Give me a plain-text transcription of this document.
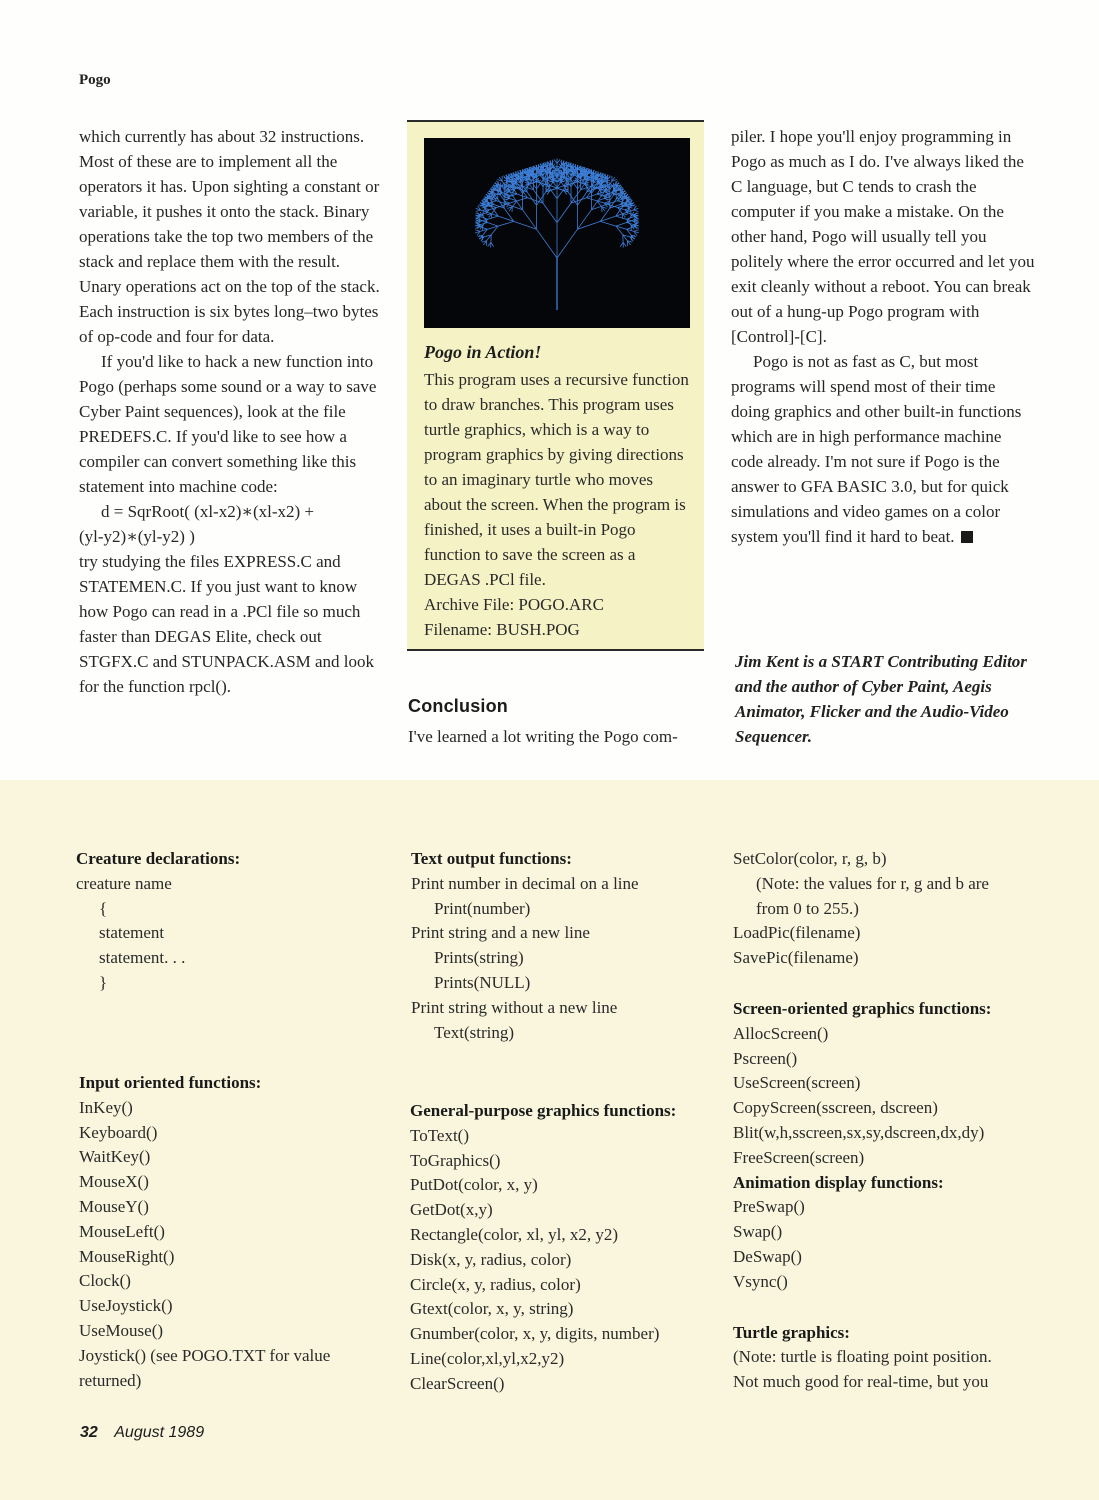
Pogo

which currently has about 32 instructions. Most of these are to implement all the operators it has. Upon sighting a constant or variable, it pushes it onto the stack. Binary operations take the top two members of the stack and replace them with the result. Unary operations act on the top of the stack. Each instruction is six bytes long–two bytes of op-code and four for data.

If you'd like to hack a new function into Pogo (perhaps some sound or a way to save Cyber Paint sequences), look at the file PREDEFS.C. If you'd like to see how a compiler can convert something like this statement into machine code:

d = SqrRoot( (xl-x2)∗(xl-x2) +

(yl-y2)∗(yl-y2) )

try studying the files EXPRESS.C and STATEMEN.C. If you just want to know how Pogo can read in a .PCl file so much faster than DEGAS Elite, check out STGFX.C and STUNPACK.ASM and look for the function rpcl().

Pogo in Action!

This program uses a recursive function to draw branches. This program uses turtle graphics, which is a way to program graphics by giving directions to an imaginary turtle who moves about the screen. When the program is finished, it uses a built-in Pogo function to save the screen as a DEGAS .PCl file.

Archive File: POGO.ARC

Filename: BUSH.POG

Conclusion
I've learned a lot writing the Pogo com-

piler. I hope you'll enjoy programming in Pogo as much as I do. I've always liked the C language, but C tends to crash the computer if you make a mistake. On the other hand, Pogo will usually tell you politely where the error occurred and let you exit cleanly without a reboot. You can break out of a hung-up Pogo program with [Control]-[C].

Pogo is not as fast as C, but most programs will spend most of their time doing graphics and other built-in functions which are in high performance machine code already. I'm not sure if Pogo is the answer to GFA BASIC 3.0, but for quick simulations and video games on a color system you'll find it hard to beat.

Jim Kent is a START Contributing Editor and the author of Cyber Paint, Aegis Animator, Flicker and the Audio-Video Sequencer.
Creature declarations:
creature name
{
statement
statement. . .
}
Input oriented functions:
InKey()
Keyboard()
WaitKey()
MouseX()
MouseY()
MouseLeft()
MouseRight()
Clock()
UseJoystick()
UseMouse()
Joystick() (see POGO.TXT for value
returned)
Text output functions:
Print number in decimal on a line
Print(number)
Print string and a new line
Prints(string)
Prints(NULL)
Print string without a new line
Text(string)
General-purpose graphics functions:
ToText()
ToGraphics()
PutDot(color, x, y)
GetDot(x,y)
Rectangle(color, xl, yl, x2, y2)
Disk(x, y, radius, color)
Circle(x, y, radius, color)
Gtext(color, x, y, string)
Gnumber(color, x, y, digits, number)
Line(color,xl,yl,x2,y2)
ClearScreen()
SetColor(color, r, g, b)
(Note: the values for r, g and b are
from 0 to 255.)
LoadPic(filename)
SavePic(filename)
Screen-oriented graphics functions:
AllocScreen()
Pscreen()
UseScreen(screen)
CopyScreen(sscreen, dscreen)
Blit(w,h,sscreen,sx,sy,dscreen,dx,dy)
FreeScreen(screen)
Animation display functions:
PreSwap()
Swap()
DeSwap()
Vsync()
Turtle graphics:
(Note: turtle is floating point position.
Not much good for real-time, but you
32 August 1989
